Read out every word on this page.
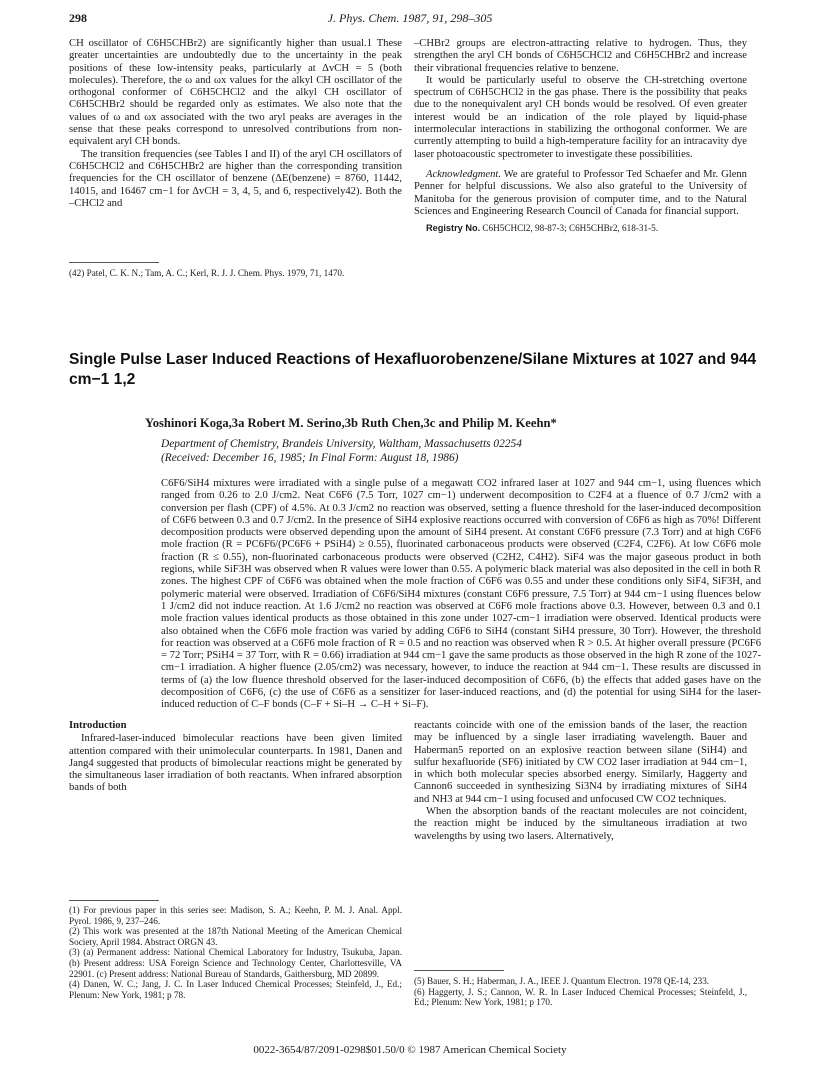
298	J. Phys. Chem. 1987, 91, 298–305

CH oscillator of C6H5CHBr2) are significantly higher than usual.1 These greater uncertainties are undoubtedly due to the uncertainty in the peak positions of these low-intensity peaks, particularly at ΔvCH = 5 (both molecules). Therefore, the ω and ωx values for the alkyl CH oscillator of the orthogonal conformer of C6H5CHCl2 and the alkyl CH oscillator of C6H5CHBr2 should be regarded only as estimates. We also note that the values of ω and ωx associated with the two aryl peaks are averages in the sense that these peaks correspond to unresolved contributions from non-equivalent aryl CH bonds.

The transition frequencies (see Tables I and II) of the aryl CH oscillators of C6H5CHCl2 and C6H5CHBr2 are higher than the corresponding transition frequencies for the CH oscillator of benzene (ΔE(benzene) = 8760, 11442, 14015, and 16467 cm−1 for ΔvCH = 3, 4, 5, and 6, respectively42). Both the –CHCl2 and

(42) Patel, C. K. N.; Tam, A. C.; Kerl, R. J. J. Chem. Phys. 1979, 71, 1470.

–CHBr2 groups are electron-attracting relative to hydrogen. Thus, they strengthen the aryl CH bonds of C6H5CHCl2 and C6H5CHBr2 and increase their vibrational frequencies relative to benzene.

It would be particularly useful to observe the CH-stretching overtone spectrum of C6H5CHCl2 in the gas phase. There is the possibility that peaks due to the nonequivalent aryl CH bonds would be resolved. Of even greater interest would be an indication of the role played by liquid-phase intermolecular interactions in stabilizing the orthogonal conformer. We are currently attempting to build a high-temperature facility for an intracavity dye laser photoacoustic spectrometer to investigate these possibilities.

Acknowledgment. We are grateful to Professor Ted Schaefer and Mr. Glenn Penner for helpful discussions. We also also grateful to the University of Manitoba for the generous provision of computer time, and to the Natural Sciences and Engineering Research Council of Canada for financial support.

Registry No. C6H5CHCl2, 98-87-3; C6H5CHBr2, 618-31-5.

Single Pulse Laser Induced Reactions of Hexafluorobenzene/Silane Mixtures at 1027 and 944 cm−1 1,2
Yoshinori Koga,3a Robert M. Serino,3b Ruth Chen,3c and Philip M. Keehn*
Department of Chemistry, Brandeis University, Waltham, Massachusetts 02254
(Received: December 16, 1985; In Final Form: August 18, 1986)

C6F6/SiH4 mixtures were irradiated with a single pulse of a megawatt CO2 infrared laser at 1027 and 944 cm−1, using fluences which ranged from 0.26 to 2.0 J/cm2. Neat C6F6 (7.5 Torr, 1027 cm−1) underwent decomposition to C2F4 at a fluence of 0.7 J/cm2 with a conversion per flash (CPF) of 4.5%. At 0.3 J/cm2 no reaction was observed, setting a fluence threshold for the laser-induced decomposition of C6F6 between 0.3 and 0.7 J/cm2. In the presence of SiH4 explosive reactions occurred with conversion of C6F6 as high as 70%! Different decomposition products were observed depending upon the amount of SiH4 present. At constant C6F6 pressure (7.3 Torr) and at high C6F6 mole fraction (R = PC6F6/(PC6F6 + PSiH4) ≥ 0.55), fluorinated carbonaceous products were observed (C2F4, C2F6). At low C6F6 mole fraction (R ≤ 0.55), non-fluorinated carbonaceous products were observed (C2H2, C4H2). SiF4 was the major gaseous product in both regions, while SiF3H was observed when R values were lower than 0.55. A polymeric black material was also deposited in the cell in both R zones. The highest CPF of C6F6 was obtained when the mole fraction of C6F6 was 0.55 and under these conditions only SiF4, SiF3H, and polymeric material were observed. Irradiation of C6F6/SiH4 mixtures (constant C6F6 pressure, 7.5 Torr) at 944 cm−1 using fluences below 1 J/cm2 did not induce reaction. At 1.6 J/cm2 no reaction was observed at C6F6 mole fractions above 0.3. However, between 0.3 and 0.1 mole fraction values identical products as those obtained in this zone under 1027-cm−1 irradiation were observed. Identical products were also obtained when the C6F6 mole fraction was varied by adding C6F6 to SiH4 (constant SiH4 pressure, 30 Torr). However, the threshold for reaction was observed at a C6F6 mole fraction of R = 0.5 and no reaction was observed when R > 0.5. At higher overall pressure (PC6F6 = 72 Torr; PSiH4 = 37 Torr, with R = 0.66) irradiation at 944 cm−1 gave the same products as those observed in the high R zone of the 1027-cm−1 irradiation. A higher fluence (2.05/cm2) was necessary, however, to induce the reaction at 944 cm−1. These results are discussed in terms of (a) the low fluence threshold observed for the laser-induced decomposition of C6F6, (b) the effects that added gases have on the decomposition of C6F6, (c) the use of C6F6 as a sensitizer for laser-induced reactions, and (d) the potential for using SiH4 for the laser-induced reduction of C–F bonds (C–F + Si–H → C–H + Si–F).

Introduction

Infrared-laser-induced bimolecular reactions have been given limited attention compared with their unimolecular counterparts. In 1981, Danen and Jang4 suggested that products of bimolecular reactions might be generated by the simultaneous laser irradiation of both reactants. When infrared absorption bands of both

(1) For previous paper in this series see: Madison, S. A.; Keehn, P. M. J. Anal. Appl. Pyrol. 1986, 9, 237–246.
(2) This work was presented at the 187th National Meeting of the American Chemical Society, April 1984. Abstract ORGN 43.
(3) (a) Permanent address: National Chemical Laboratory for Industry, Tsukuba, Japan. (b) Present address: USA Foreign Science and Technology Center, Charlottesville, VA 22901. (c) Present address: National Bureau of Standards, Gaithersburg, MD 20899.
(4) Danen, W. C.; Jang, J. C. In Laser Induced Chemical Processes; Steinfeld, J., Ed.; Plenum: New York, 1981; p 78.

reactants coincide with one of the emission bands of the laser, the reaction may be influenced by a single laser irradiating wavelength. Bauer and Haberman5 reported on an explosive reaction between silane (SiH4) and sulfur hexafluoride (SF6) initiated by CW CO2 laser irradiation at 944 cm−1, in which both molecular species absorbed energy. Similarly, Haggerty and Cannon6 succeeded in synthesizing Si3N4 by irradiating mixtures of SiH4 and NH3 at 944 cm−1 using focused and unfocused CW CO2 techniques.

When the absorption bands of the reactant molecules are not coincident, the reaction might be induced by the simultaneous irradiation at two wavelengths by using two lasers. Alternatively,

(5) Bauer, S. H.; Haberman, J. A., IEEE J. Quantum Electron. 1978 QE-14, 233.
(6) Haggerty, J. S.; Cannon, W. R. In Laser Induced Chemical Processes; Steinfeld, J., Ed.; Plenum: New York, 1981; p 170.
0022-3654/87/2091-0298$01.50/0 © 1987 American Chemical Society
